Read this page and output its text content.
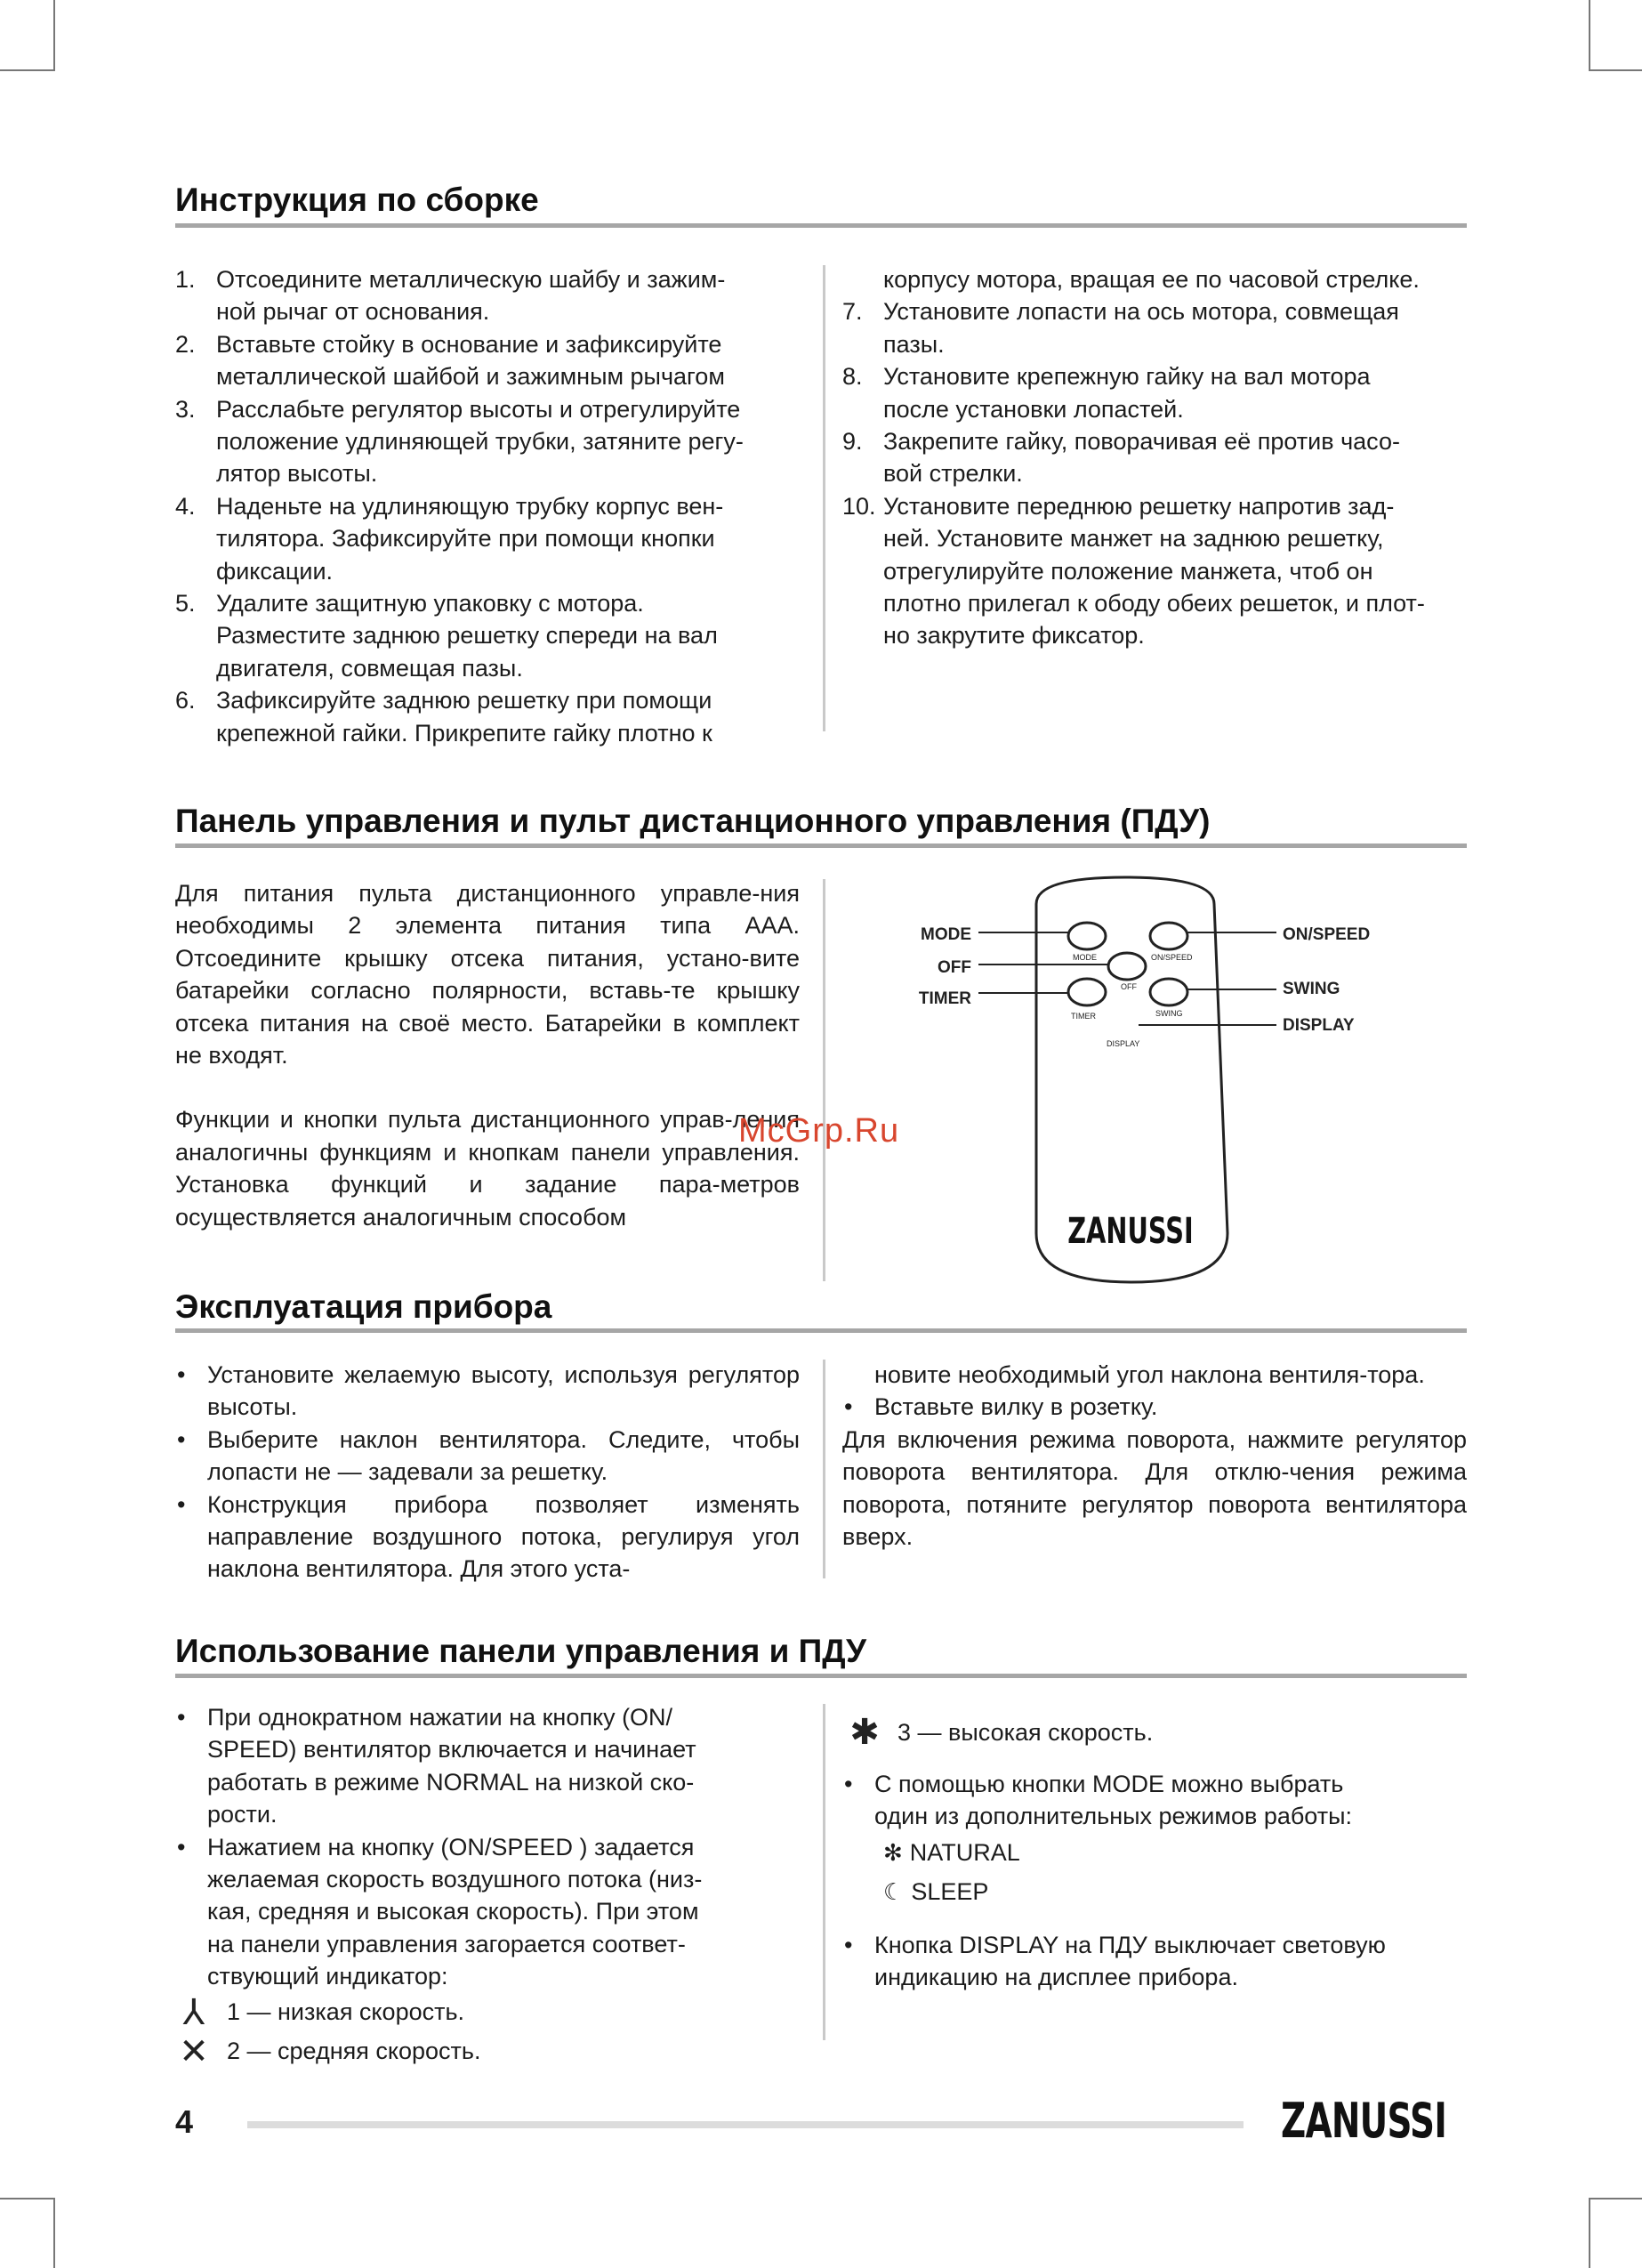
Инструкция по сборке
1. Отсоедините металлическую шайбу и зажим-
ной рычаг от основания.
2. Вставьте стойку в основание и зафиксируйте
металлической шайбой и зажимным рычагом
3. Расслабьте регулятор высоты и отрегулируйте
положение удлиняющей трубки, затяните регу-
лятор высоты.
4. Наденьте на удлиняющую трубку корпус вен-
тилятора. Зафиксируйте при помощи кнопки
фиксации.
5. Удалите защитную упаковку с мотора.
Разместите заднюю решетку спереди на вал
двигателя, совмещая пазы.
6. Зафиксируйте заднюю решетку при помощи
крепежной гайки. Прикрепите гайку плотно к
корпусу мотора, вращая ее по часовой стрелке.
7. Установите лопасти на ось мотора, совмещая
пазы.
8. Установите крепежную гайку на вал мотора
после установки лопастей.
9. Закрепите гайку, поворачивая её против часо-
вой стрелки.
10. Установите переднюю решетку напротив зад-
ней. Установите манжет на заднюю решетку,
отрегулируйте положение манжета, чтоб он
плотно прилегал к ободу обеих решеток, и плот-
но закрутите фиксатор.
Панель управления и пульт дистанционного управления (ПДУ)

Для питания пульта дистанционного управле-ния необходимы 2 элемента питания типа AAA. Отсоедините крышку отсека питания, устано-вите батарейки согласно полярности, вставь-те крышку отсека питания на своё место. Батарейки в комплект не входят.

Функции и кнопки пульта дистанционного управ-ления аналогичны функциям и кнопкам панели управления. Установка функций и задание пара-метров осуществляется аналогичным способом

MODE	ON/SPEED
OFF
TIMER	SWING
DISPLAY
MODE
OFF
TIMER
ON/SPEED
SWING
DISPLAY
ZANUSSI
McGrp.Ru
Эксплуатация прибора
• Установите желаемую высоту, используя регулятор высоты.
• Выберите наклон вентилятора. Следите, чтобы лопасти не — задевали за решетку.
• Конструкция прибора позволяет изменять направление воздушного потока, регулируя угол наклона вентилятора. Для этого уста-
новите необходимый угол наклона вентиля-тора.
• Вставьте вилку в розетку.

Для включения режима поворота, нажмите регулятор поворота вентилятора. Для отклю-чения режима поворота, потяните регулятор поворота вентилятора вверх.

Использование панели управления и ПДУ
• При однократном нажатии на кнопку (ON/
SPEED) вентилятор включается и начинает
работать в режиме NORMAL на низкой ско-
рости.
• Нажатием на кнопку (ON/SPEED ) задается
желаемая скорость воздушного потока (низ-
кая, средняя и высокая скорость). При этом
на панели управления загорается соответ-
ствующий индикатор:
⅄ 1 — низкая скорость.
✕ 2 — средняя скорость.
✱ 3 — высокая скорость.
• С помощью кнопки MODE можно выбрать
один из дополнительных режимов работы:
✻ NATURAL
☾ SLEEP
• Кнопка DISPLAY на ПДУ выключает световую
индикацию на дисплее прибора.
4	ZANUSSI
